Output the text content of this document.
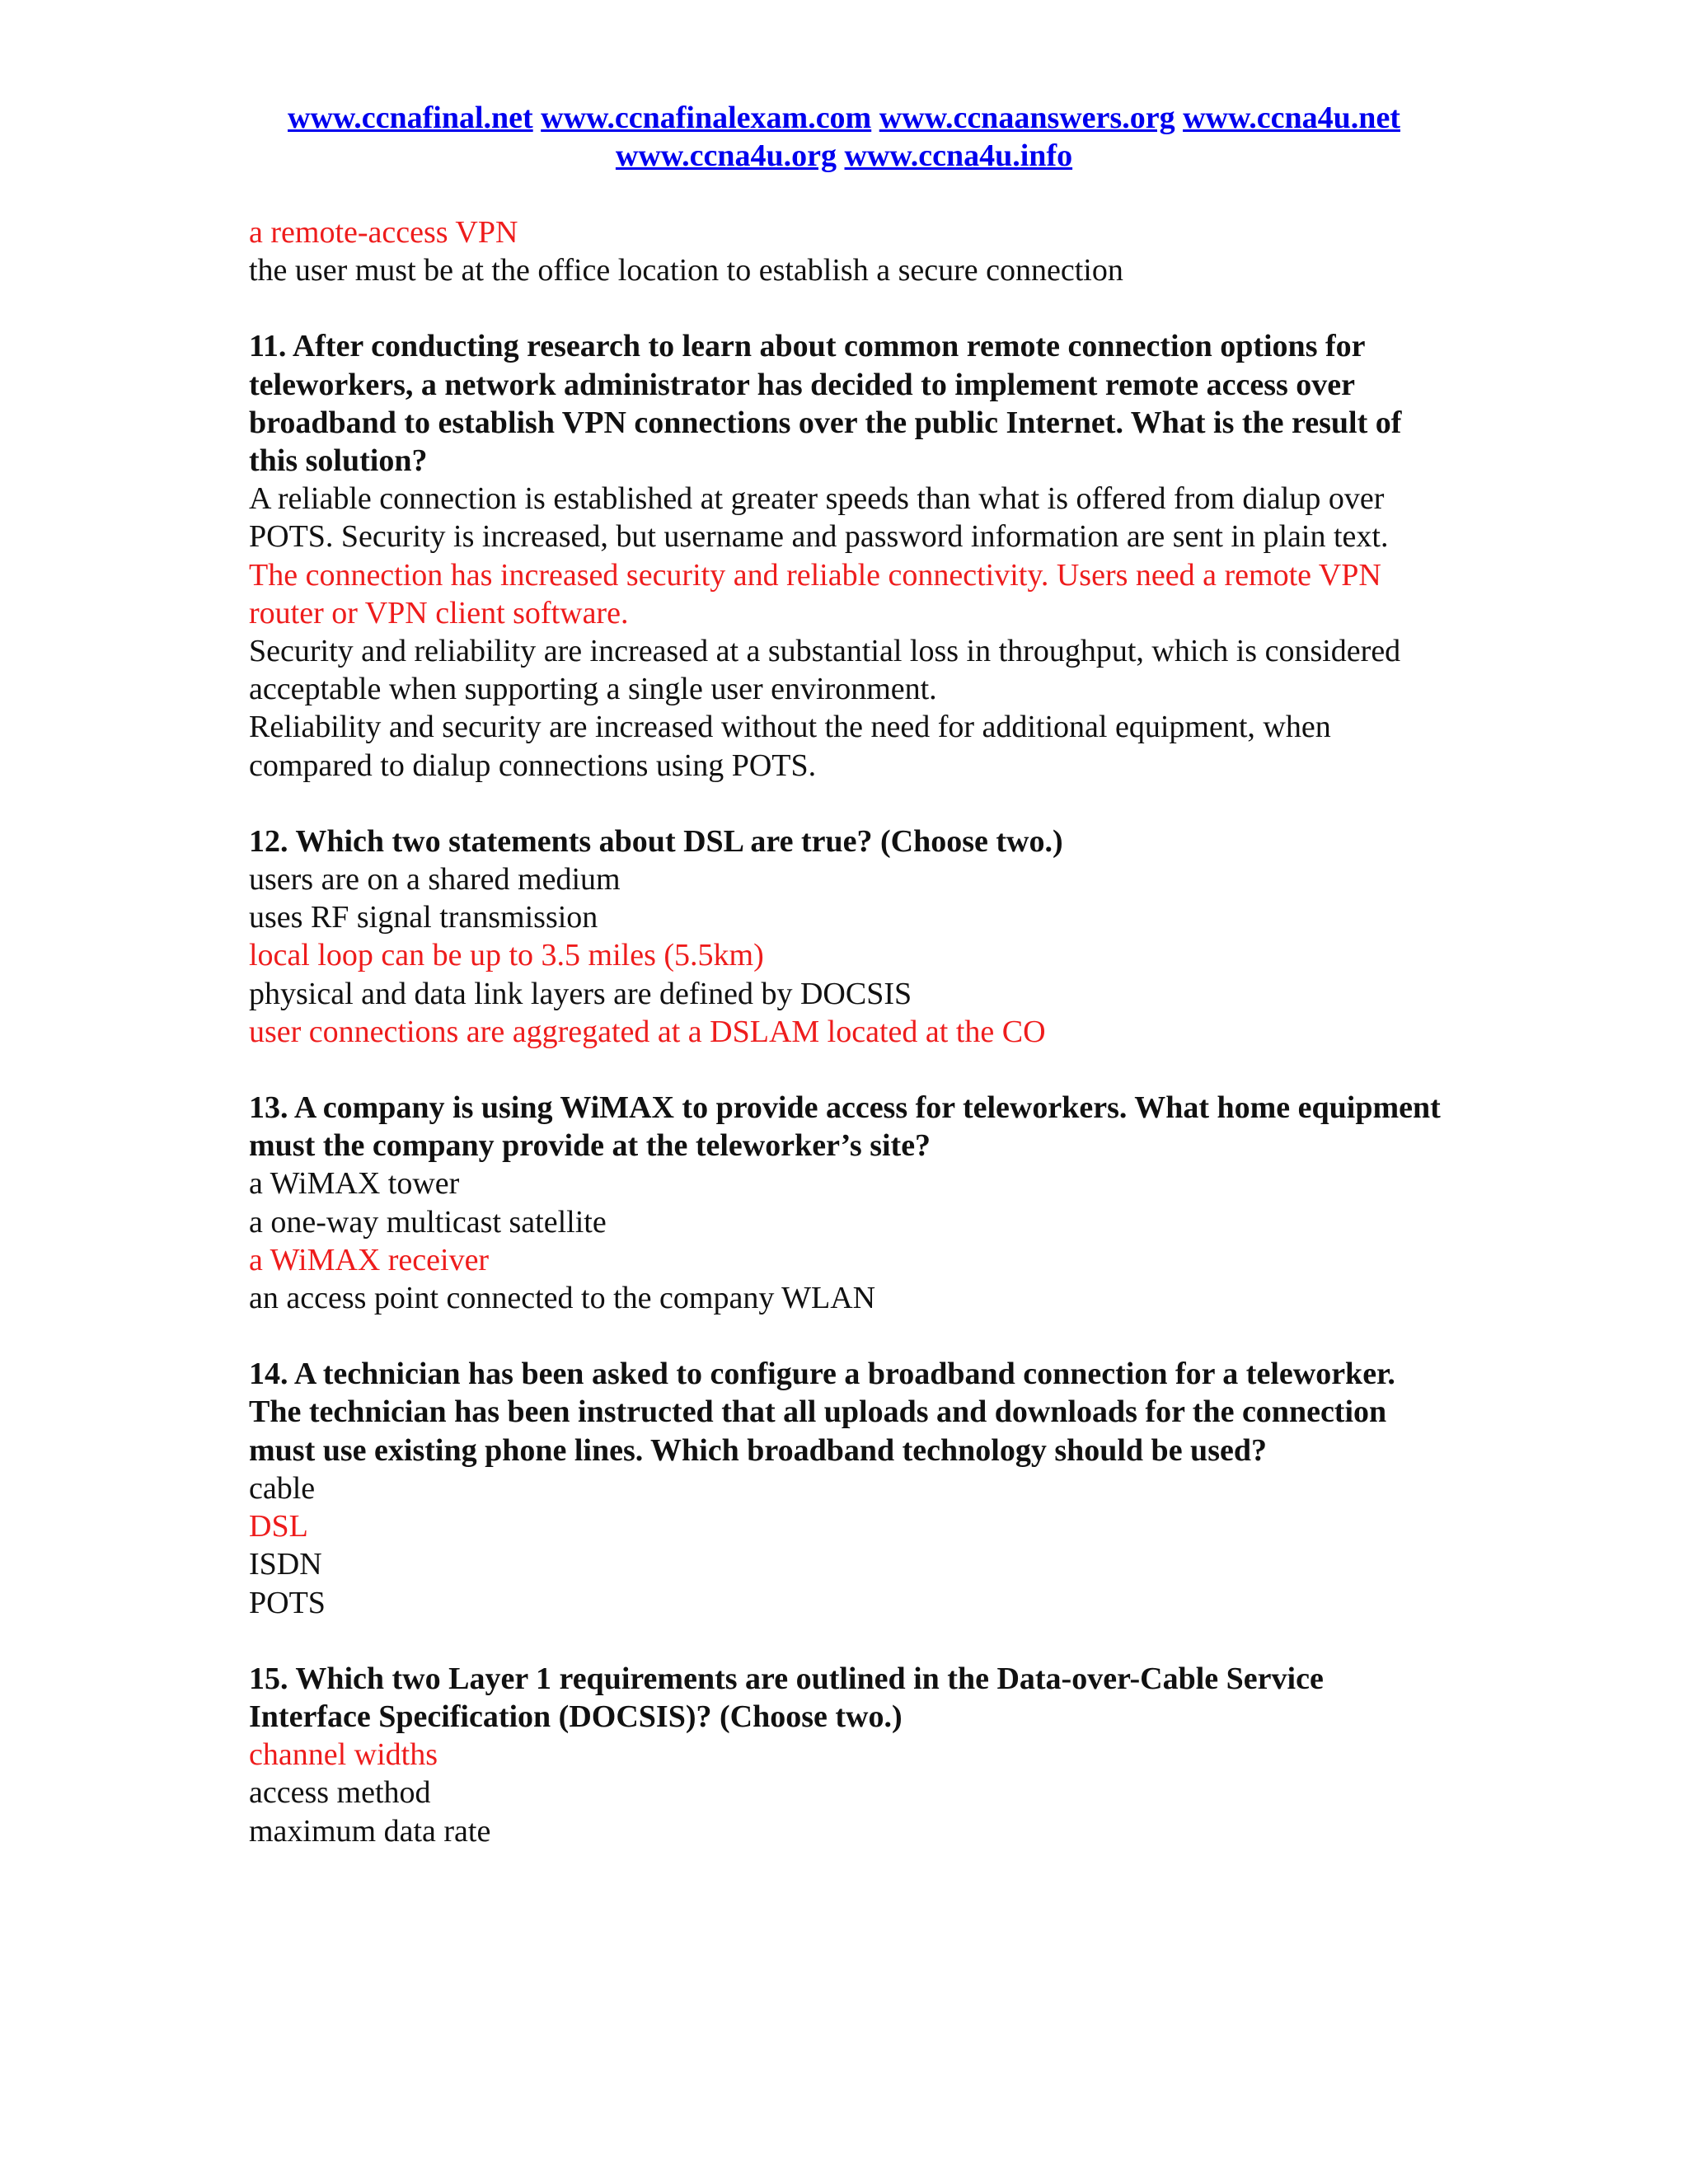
www.ccnafinal.net www.ccnafinalexam.com www.ccnaanswers.org www.ccna4u.net
www.ccna4u.org www.ccna4u.info

a remote-access VPN

the user must be at the office location to establish a secure connection

11. After conducting research to learn about common remote connection options for teleworkers, a network administrator has decided to implement remote access over broadband to establish VPN connections over the public Internet. What is the result of this solution?

A reliable connection is established at greater speeds than what is offered from dialup over POTS. Security is increased, but username and password information are sent in plain text.

The connection has increased security and reliable connectivity. Users need a remote VPN router or VPN client software.

Security and reliability are increased at a substantial loss in throughput, which is considered acceptable when supporting a single user environment.

Reliability and security are increased without the need for additional equipment, when compared to dialup connections using POTS.

12. Which two statements about DSL are true? (Choose two.)

users are on a shared medium

uses RF signal transmission

local loop can be up to 3.5 miles (5.5km)

physical and data link layers are defined by DOCSIS

user connections are aggregated at a DSLAM located at the CO

13. A company is using WiMAX to provide access for teleworkers. What home equipment must the company provide at the teleworker’s site?

a WiMAX tower

a one-way multicast satellite

a WiMAX receiver

an access point connected to the company WLAN

14. A technician has been asked to configure a broadband connection for a teleworker. The technician has been instructed that all uploads and downloads for the connection must use existing phone lines. Which broadband technology should be used?

cable

DSL

ISDN

POTS

15. Which two Layer 1 requirements are outlined in the Data-over-Cable Service Interface Specification (DOCSIS)? (Choose two.)

channel widths

access method

maximum data rate
